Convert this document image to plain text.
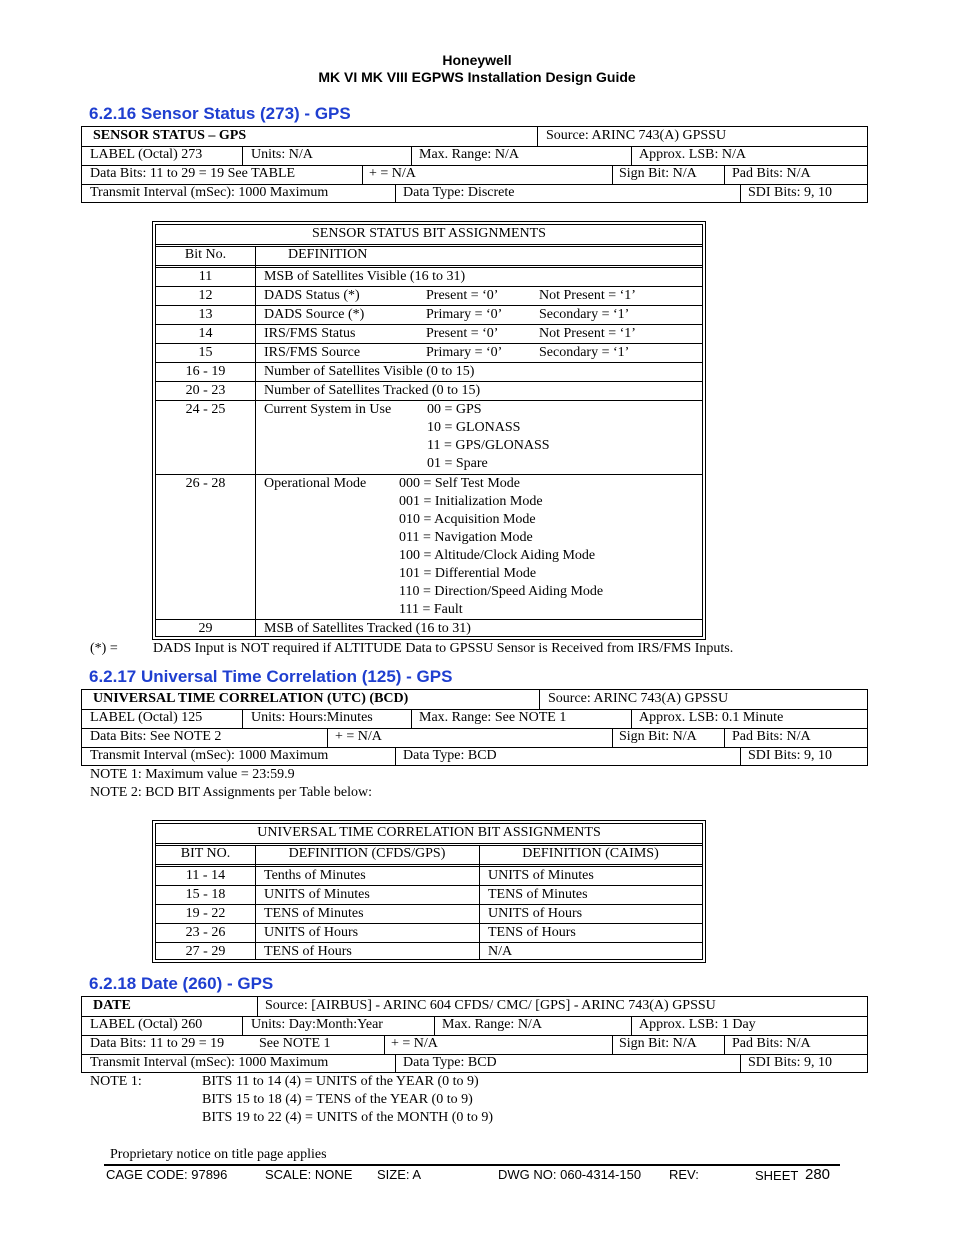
Honeywell
MK VI MK VIII EGPWS Installation Design Guide
6.2.16 Sensor Status (273) - GPS
SENSOR STATUS – GPS	Source: ARINC 743(A) GPSSU
LABEL (Octal) 273	Units: N/A	Max. Range: N/A	Approx. LSB: N/A
Data Bits: 11 to 29 = 19 See TABLE	+ = N/A	Sign Bit: N/A	Pad Bits: N/A
Transmit Interval (mSec): 1000 Maximum	Data Type: Discrete	SDI Bits: 9, 10
SENSOR STATUS BIT ASSIGNMENTS
Bit No.	DEFINITION
11	MSB of Satellites Visible (16 to 31)
12	DADS Status (*)	Present = ‘0’	Not Present = ‘1’
13	DADS Source (*)	Primary = ‘0’	Secondary = ‘1’
14	IRS/FMS Status	Present = ‘0’	Not Present = ‘1’
15	IRS/FMS Source	Primary = ‘0’	Secondary = ‘1’
16 - 19	Number of Satellites Visible (0 to 15)
20 - 23	Number of Satellites Tracked (0 to 15)
24 - 25	Current System in Use	00 = GPS
10 = GLONASS
11 = GPS/GLONASS
01 = Spare
26 - 28	Operational Mode 000 = Self Test Mode
001 = Initialization Mode
010 = Acquisition Mode
011 = Navigation Mode
100 = Altitude/Clock Aiding Mode
101 = Differential Mode
110 = Direction/Speed Aiding Mode
111 = Fault
29	MSB of Satellites Tracked (16 to 31)
(*) =	DADS Input is NOT required if ALTITUDE Data to GPSSU Sensor is Received from IRS/FMS Inputs.
6.2.17 Universal Time Correlation (125) - GPS
UNIVERSAL TIME CORRELATION (UTC) (BCD)	Source: ARINC 743(A) GPSSU
LABEL (Octal) 125	Units: Hours:Minutes	Max. Range: See NOTE 1	Approx. LSB: 0.1 Minute
Data Bits: See NOTE 2	+ = N/A	Sign Bit: N/A	Pad Bits: N/A
Transmit Interval (mSec): 1000 Maximum	Data Type: BCD	SDI Bits: 9, 10
NOTE 1: Maximum value = 23:59.9
NOTE 2: BCD BIT Assignments per Table below:
UNIVERSAL TIME CORRELATION BIT ASSIGNMENTS
BIT NO.	DEFINITION (CFDS/GPS)	DEFINITION (CAIMS)
11 - 14	Tenths of Minutes	UNITS of Minutes
15 - 18	UNITS of Minutes	TENS of Minutes
19 - 22	TENS of Minutes	UNITS of Hours
23 - 26	UNITS of Hours	TENS of Hours
27 - 29	TENS of Hours	N/A
6.2.18 Date (260) - GPS
DATE	Source: [AIRBUS] - ARINC 604 CFDS/ CMC/ [GPS] - ARINC 743(A) GPSSU
LABEL (Octal) 260	Units: Day:Month:Year	Max. Range: N/A	Approx. LSB: 1 Day
Data Bits: 11 to 29 = 19 See NOTE 1	+ = N/A	Sign Bit: N/A	Pad Bits: N/A
Transmit Interval (mSec): 1000 Maximum	Data Type: BCD	SDI Bits: 9, 10
NOTE 1:	BITS 11 to 14 (4) = UNITS of the YEAR (0 to 9)
BITS 15 to 18 (4) = TENS of the YEAR (0 to 9)
BITS 19 to 22 (4) = UNITS of the MONTH (0 to 9)
Proprietary notice on title page applies
CAGE CODE: 97896	SCALE: NONE SIZE: A	DWG NO: 060-4314-150 REV:	SHEET 280
